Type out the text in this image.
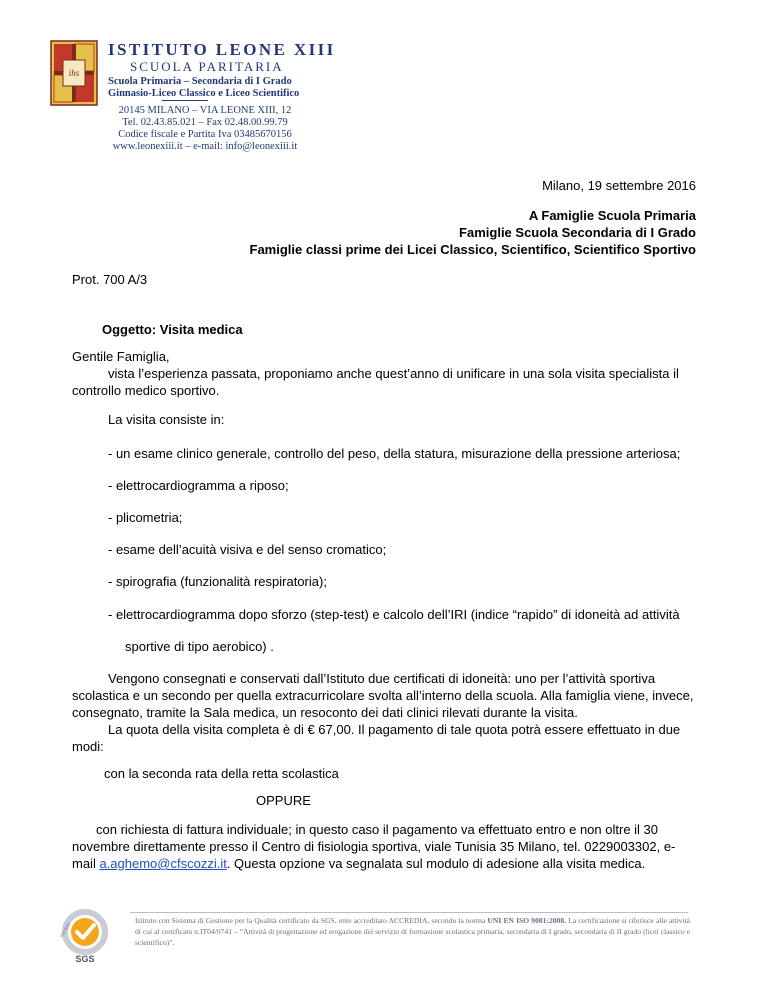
ihs
ISTITUTO LEONE XIII
SCUOLA PARITARIA
Scuola Primaria – Secondaria di I Grado
Ginnasio-Liceo Classico e Liceo Scientifico
20145 MILANO – VIA LEONE XIII, 12
Tel. 02.43.85.021 – Fax 02.48.00.99.79
Codice fiscale e Partita Iva 03485670156
www.leonexiii.it – e-mail: info@leonexiii.it
Milano, 19 settembre 2016
A Famiglie Scuola Primaria
Famiglie Scuola Secondaria di I Grado
Famiglie classi prime dei Licei Classico, Scientifico, Scientifico Sportivo
Prot. 700 A/3
Oggetto: Visita medica
Gentile Famiglia,
vista l’esperienza passata, proponiamo anche quest’anno di unificare in una sola visita specialista il
controllo medico sportivo.
La visita consiste in:
- un esame clinico generale, controllo del peso, della statura, misurazione della pressione arteriosa;
- elettrocardiogramma a riposo;
- plicometria;
- esame dell’acuità visiva e del senso cromatico;
- spirografia (funzionalità respiratoria);
- elettrocardiogramma dopo sforzo (step-test) e calcolo dell’IRI (indice “rapido” di idoneità ad attività
sportive di tipo aerobico) .
Vengono consegnati e conservati dall’Istituto due certificati di idoneità: uno per l’attività sportiva
scolastica e un secondo per quella extracurricolare svolta all’interno della scuola. Alla famiglia viene, invece,
consegnato, tramite la Sala medica, un resoconto dei dati clinici rilevati durante la visita.
La quota della visita completa è di € 67,00. Il pagamento di tale quota potrà essere effettuato in due
modi:
con la seconda rata della retta scolastica
OPPURE
con richiesta di fattura individuale; in questo caso il pagamento va effettuato entro e non oltre il 30
novembre direttamente presso il Centro di fisiologia sportiva, viale Tunisia 35 Milano, tel. 0229003302, e-
mail a.aghemo@cfscozzi.it. Questa opzione va segnalata sul modulo di adesione alla visita medica.
ISO 9001
SGS
Istituto con Sistema di Gestione per la Qualità certificato da SGS, ente accreditato ACCREDIA, secondo la norma UNI EN ISO 9001:2008. La certificazione si riferisce alle attività di cui al certificato n.IT04/0741 – “Attività di progettazione ed erogazione del servizio di formazione scolastica primaria, secondaria di I grado, secondaria di II grado (licei classico e scientifico)”.
